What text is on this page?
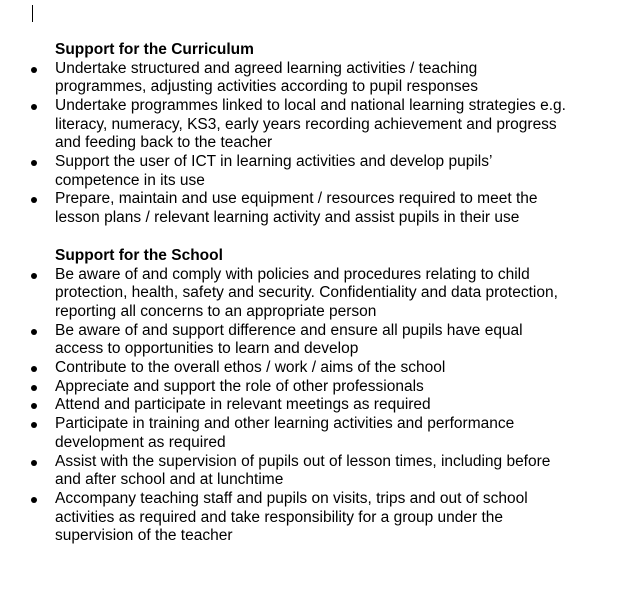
Support for the Curriculum

Undertake structured and agreed learning activities / teaching
programmes, adjusting activities according to pupil responses
Undertake programmes linked to local and national learning strategies e.g.
literacy, numeracy, KS3, early years recording achievement and progress
and feeding back to the teacher
Support the user of ICT in learning activities and develop pupils’
competence in its use
Prepare, maintain and use equipment / resources required to meet the
lesson plans / relevant learning activity and assist pupils in their use

Support for the School

Be aware of and comply with policies and procedures relating to child
protection, health, safety and security. Confidentiality and data protection,
reporting all concerns to an appropriate person
Be aware of and support difference and ensure all pupils have equal
access to opportunities to learn and develop
Contribute to the overall ethos / work / aims of the school
Appreciate and support the role of other professionals
Attend and participate in relevant meetings as required
Participate in training and other learning activities and performance
development as required
Assist with the supervision of pupils out of lesson times, including before
and after school and at lunchtime
Accompany teaching staff and pupils on visits, trips and out of school
activities as required and take responsibility for a group under the
supervision of the teacher
